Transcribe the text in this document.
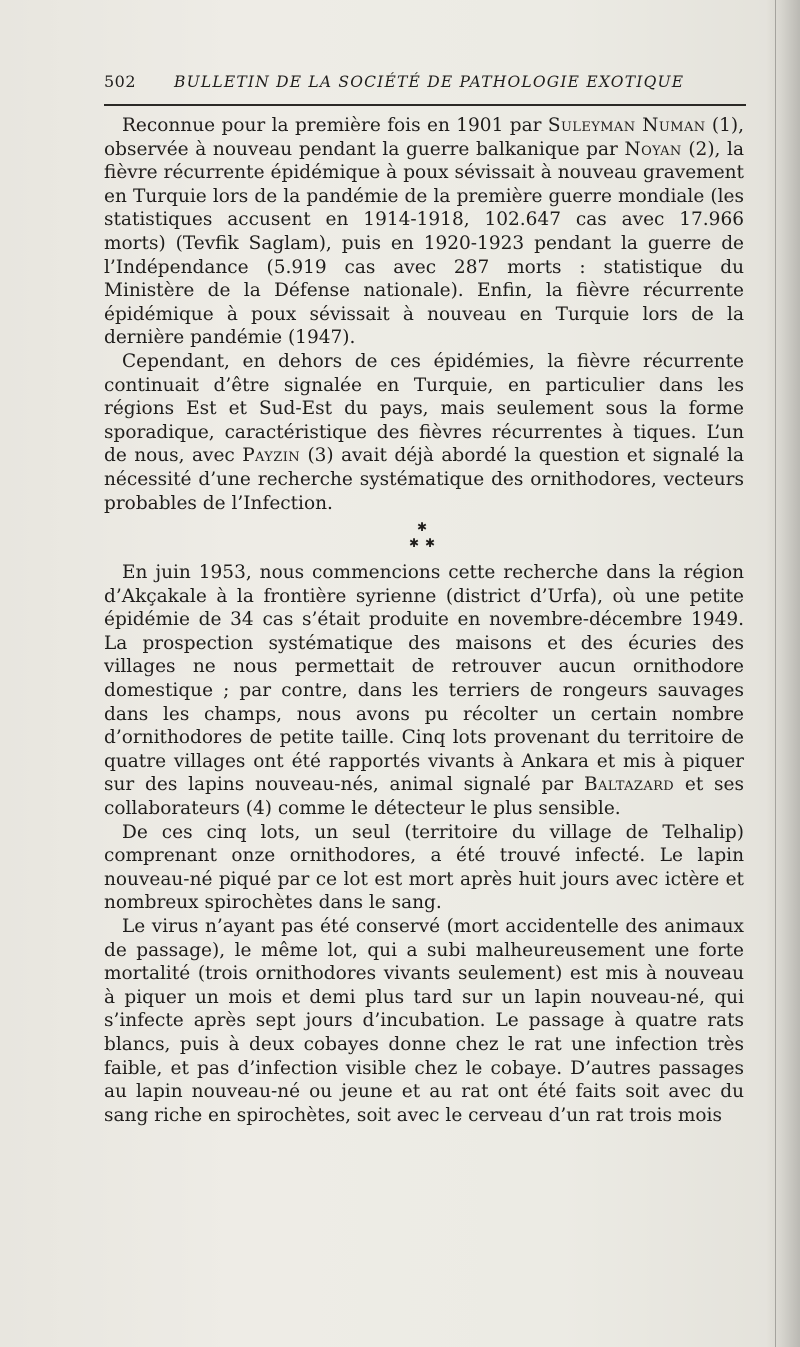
502 BULLETIN DE LA SOCIÉTÉ DE PATHOLOGIE EXOTIQUE

Reconnue pour la première fois en 1901 par Suleyman Numan (1), observée à nouveau pendant la guerre balkanique par Noyan (2), la fièvre récurrente épidémique à poux sévissait à nouveau gravement en Turquie lors de la pandémie de la première guerre mondiale (les statistiques accusent en 1914-1918, 102.647 cas avec 17.966 morts) (Tevfik Saglam), puis en 1920-1923 pendant la guerre de l’Indépendance (5.919 cas avec 287 morts : statistique du Ministère de la Défense nationale). Enfin, la fièvre récurrente épidémique à poux sévissait à nouveau en Turquie lors de la dernière pandémie (1947).

Cependant, en dehors de ces épidémies, la fièvre récurrente continuait d’être signalée en Turquie, en particulier dans les régions Est et Sud-Est du pays, mais seulement sous la forme sporadique, caractéristique des fièvres récurrentes à tiques. L’un de nous, avec Payzin (3) avait déjà abordé la question et signalé la nécessité d’une recherche systématique des ornithodores, vecteurs probables de l’Infection.

✱
✱ ✱

En juin 1953, nous commencions cette recherche dans la région d’Akçakale à la frontière syrienne (district d’Urfa), où une petite épidémie de 34 cas s’était produite en novembre-décembre 1949. La prospection systématique des maisons et des écuries des villages ne nous permettait de retrouver aucun ornithodore domestique ; par contre, dans les terriers de rongeurs sauvages dans les champs, nous avons pu récolter un certain nombre d’ornithodores de petite taille. Cinq lots provenant du territoire de quatre villages ont été rapportés vivants à Ankara et mis à piquer sur des lapins nouveau-nés, animal signalé par Baltazard et ses collaborateurs (4) comme le détecteur le plus sensible.

De ces cinq lots, un seul (territoire du village de Telhalip) comprenant onze ornithodores, a été trouvé infecté. Le lapin nouveau-né piqué par ce lot est mort après huit jours avec ictère et nombreux spirochètes dans le sang.

Le virus n’ayant pas été conservé (mort accidentelle des animaux de passage), le même lot, qui a subi malheureusement une forte mortalité (trois ornithodores vivants seulement) est mis à nouveau à piquer un mois et demi plus tard sur un lapin nouveau-né, qui s’infecte après sept jours d’incubation. Le passage à quatre rats blancs, puis à deux cobayes donne chez le rat une infection très faible, et pas d’infection visible chez le cobaye. D’autres passages au lapin nouveau-né ou jeune et au rat ont été faits soit avec du sang riche en spirochètes, soit avec le cerveau d’un rat trois mois
